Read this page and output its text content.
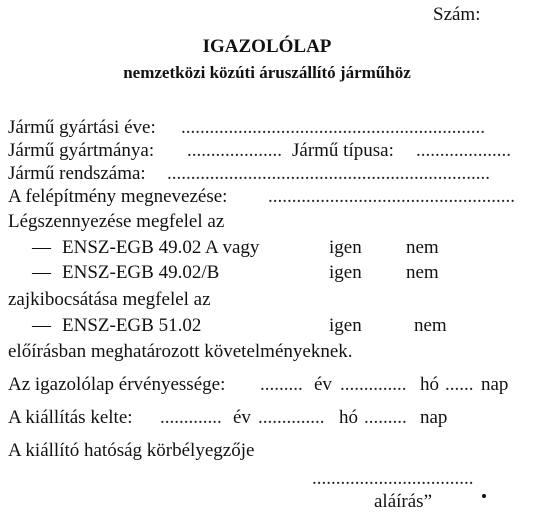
Szám:
IGAZOLÓLAP
nemzetközi közúti áruszállító járműhöz
Jármű gyártási éve: ................................................................
Jármű gyártmánya: .................... Jármű típusa: ....................
Jármű rendszáma: ....................................................................
A felépítmény megnevezése: ....................................................
Légszennyezése megfelel az
— ENSZ-EGB 49.02 A vagy	igen nem
— ENSZ-EGB 49.02/B	igen nem
zajkibocsátása megfelel az
— ENSZ-EGB 51.02	igen	nem
előírásban meghatározott követelményeknek.
Az igazolólap érvényessége: ......... év .............. hó ...... nap
A kiállítás kelte: ............. év .............. hó ......... nap
A kiállító hatóság körbélyegzője
..................................
aláírás”
